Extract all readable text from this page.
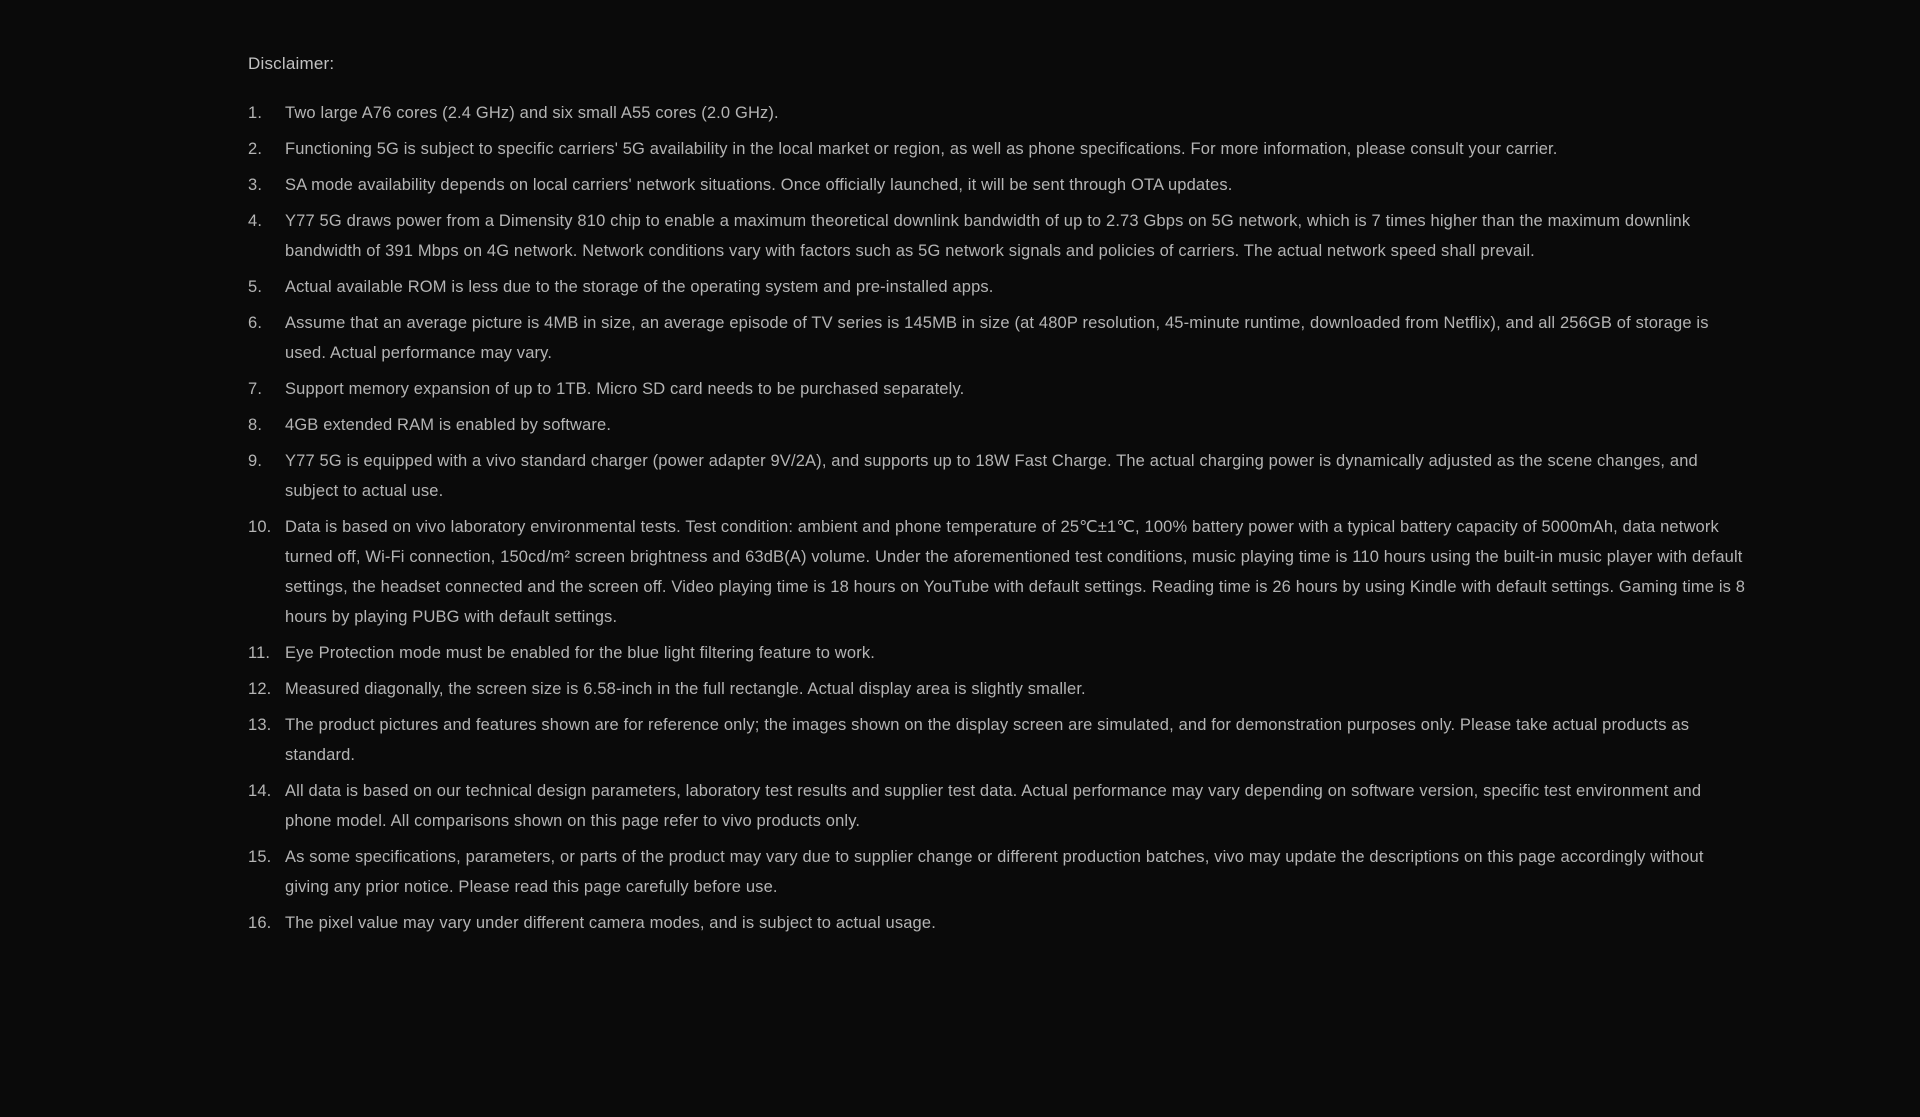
Disclaimer:
1.	Two large A76 cores (2.4 GHz) and six small A55 cores (2.0 GHz).
2.	Functioning 5G is subject to specific carriers' 5G availability in the local market or region, as well as phone specifications. For more information, please consult your carrier.
3.	SA mode availability depends on local carriers' network situations. Once officially launched, it will be sent through OTA updates.
4.	Y77 5G draws power from a Dimensity 810 chip to enable a maximum theoretical downlink bandwidth of up to 2.73 Gbps on 5G network, which is 7 times higher than the maximum downlink bandwidth of 391 Mbps on 4G network. Network conditions vary with factors such as 5G network signals and policies of carriers. The actual network speed shall prevail.
5.	Actual available ROM is less due to the storage of the operating system and pre-installed apps.
6.	Assume that an average picture is 4MB in size, an average episode of TV series is 145MB in size (at 480P resolution, 45-minute runtime, downloaded from Netflix), and all 256GB of storage is used. Actual performance may vary.
7.	Support memory expansion of up to 1TB. Micro SD card needs to be purchased separately.
8.	4GB extended RAM is enabled by software.
9.	Y77 5G is equipped with a vivo standard charger (power adapter 9V/2A), and supports up to 18W Fast Charge. The actual charging power is dynamically adjusted as the scene changes, and subject to actual use.
10. Data is based on vivo laboratory environmental tests. Test condition: ambient and phone temperature of 25℃±1℃, 100% battery power with a typical battery capacity of 5000mAh, data network turned off, Wi-Fi connection, 150cd/m² screen brightness and 63dB(A) volume. Under the aforementioned test conditions, music playing time is 110 hours using the built-in music player with default settings, the headset connected and the screen off. Video playing time is 18 hours on YouTube with default settings. Reading time is 26 hours by using Kindle with default settings. Gaming time is 8 hours by playing PUBG with default settings.
11. Eye Protection mode must be enabled for the blue light filtering feature to work.
12. Measured diagonally, the screen size is 6.58-inch in the full rectangle. Actual display area is slightly smaller.
13. The product pictures and features shown are for reference only; the images shown on the display screen are simulated, and for demonstration purposes only. Please take actual products as standard.
14. All data is based on our technical design parameters, laboratory test results and supplier test data. Actual performance may vary depending on software version, specific test environment and phone model. All comparisons shown on this page refer to vivo products only.
15. As some specifications, parameters, or parts of the product may vary due to supplier change or different production batches, vivo may update the descriptions on this page accordingly without giving any prior notice. Please read this page carefully before use.
16. The pixel value may vary under different camera modes, and is subject to actual usage.
